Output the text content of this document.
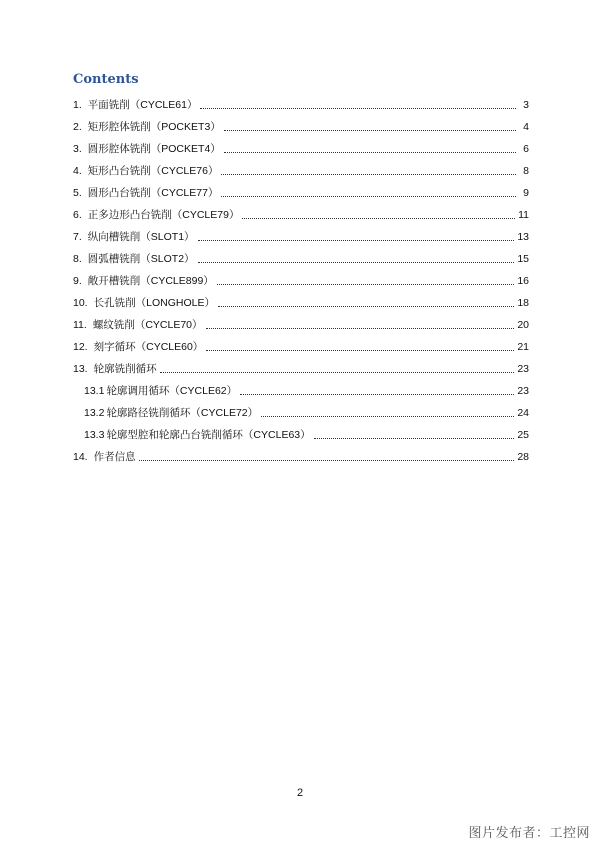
Contents
1. 平面铣削（CYCLE61）	3
2. 矩形腔体铣削（POCKET3）	4
3. 圆形腔体铣削（POCKET4）	6
4. 矩形凸台铣削（CYCLE76）	8
5. 圆形凸台铣削（CYCLE77）	9
6. 正多边形凸台铣削（CYCLE79）	11
7. 纵向槽铣削（SLOT1）	13
8. 圆弧槽铣削（SLOT2）	15
9. 敞开槽铣削（CYCLE899）	16
10. 长孔铣削（LONGHOLE）	18
11. 螺纹铣削（CYCLE70）	20
12. 刻字循环（CYCLE60）	21
13. 轮廓铣削循环	23
13.1 轮廓调用循环（CYCLE62）	23
13.2 轮廓路径铣削循环（CYCLE72）	24
13.3 轮廓型腔和轮廓凸台铣削循环（CYCLE63）	25
14. 作者信息	28
2
图片发布者：工控网
